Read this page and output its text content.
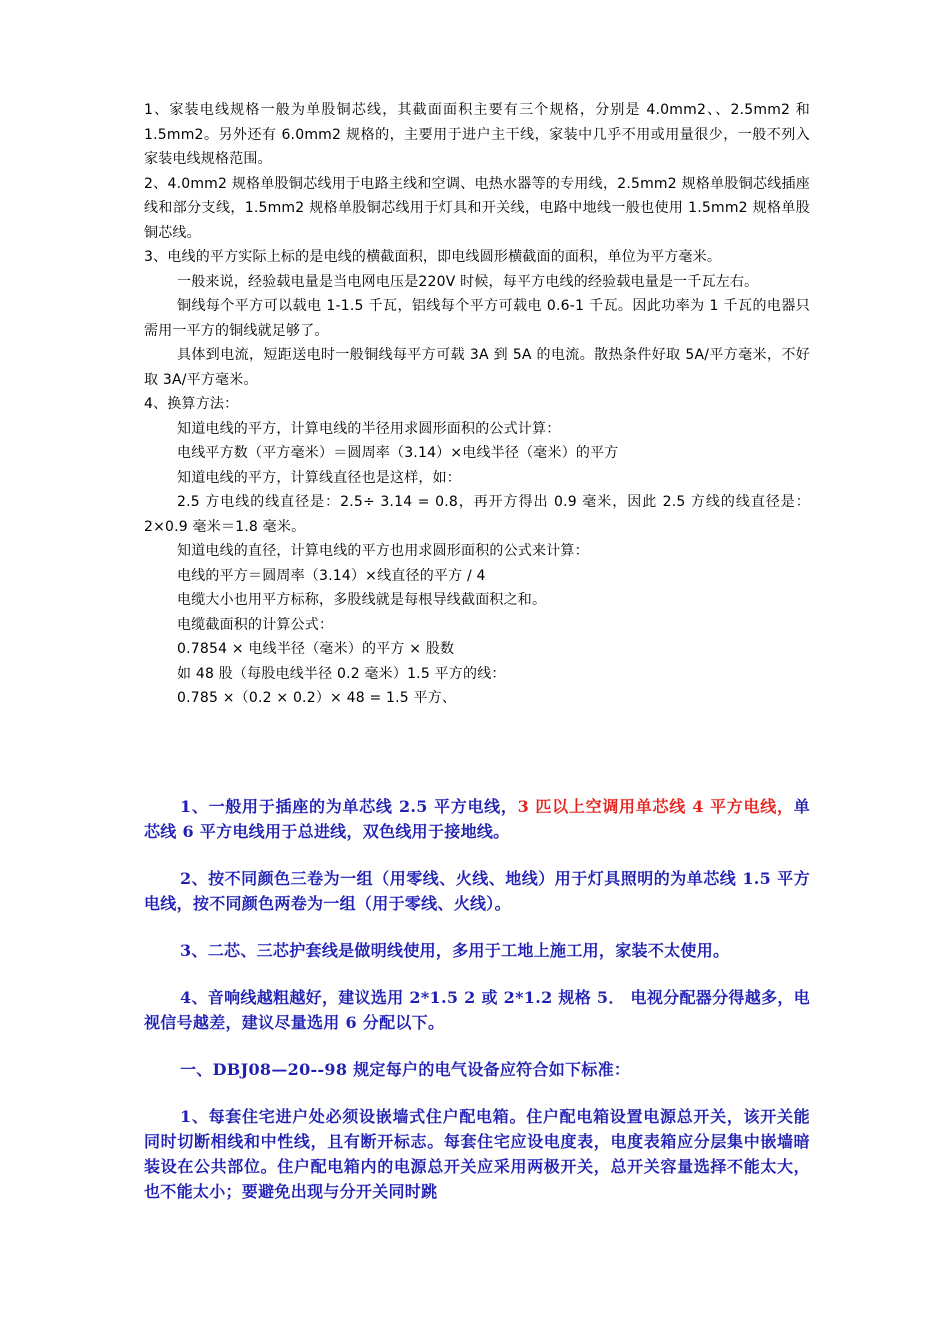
1、家装电线规格一般为单股铜芯线，其截面面积主要有三个规格，分别是 4.0mm2、、2.5mm2 和 1.5mm2。另外还有 6.0mm2 规格的，主要用于进户主干线，家装中几乎不用或用量很少，一般不列入家装电线规格范围。

2、4.0mm2 规格单股铜芯线用于电路主线和空调、电热水器等的专用线，2.5mm2 规格单股铜芯线插座线和部分支线，1.5mm2 规格单股铜芯线用于灯具和开关线，电路中地线一般也使用 1.5mm2 规格单股铜芯线。

3、电线的平方实际上标的是电线的横截面积，即电线圆形横截面的面积，单位为平方毫米。

一般来说，经验载电量是当电网电压是220V 时候，每平方电线的经验载电量是一千瓦左右。

铜线每个平方可以载电 1-1.5 千瓦，铝线每个平方可载电 0.6-1 千瓦。因此功率为 1 千瓦的电器只需用一平方的铜线就足够了。

具体到电流，短距送电时一般铜线每平方可载 3A 到 5A 的电流。散热条件好取 5A/平方毫米，不好取 3A/平方毫米。

4、换算方法：

知道电线的平方，计算电线的半径用求圆形面积的公式计算：

电线平方数（平方毫米）＝圆周率（3.14）×电线半径（毫米）的平方

知道电线的平方，计算线直径也是这样，如：

2.5 方电线的线直径是：2.5÷ 3.14 = 0.8，再开方得出 0.9 毫米，因此 2.5 方线的线直径是：2×0.9 毫米＝1.8 毫米。

知道电线的直径，计算电线的平方也用求圆形面积的公式来计算：

电线的平方＝圆周率（3.14）×线直径的平方 / 4

电缆大小也用平方标称，多股线就是每根导线截面积之和。

电缆截面积的计算公式：

0.7854 × 电线半径（毫米）的平方 × 股数

如 48 股（每股电线半径 0.2 毫米）1.5 平方的线：

0.785 ×（0.2 × 0.2）× 48 = 1.5 平方、

1、一般用于插座的为单芯线 2.5 平方电线，3 匹以上空调用单芯线 4 平方电线，单芯线 6 平方电线用于总进线，双色线用于接地线。

2、按不同颜色三卷为一组（用零线、火线、地线）用于灯具照明的为单芯线 1.5 平方电线，按不同颜色两卷为一组（用于零线、火线）。

3、二芯、三芯护套线是做明线使用，多用于工地上施工用，家装不太使用。

4、音响线越粗越好，建议选用 2*1.5 2 或 2*1.2 规格 5． 电视分配器分得越多，电视信号越差，建议尽量选用 6 分配以下。

一、DBJ08—20--98 规定每户的电气设备应符合如下标准：

1、每套住宅进户处必须设嵌墙式住户配电箱。住户配电箱设置电源总开关，该开关能同时切断相线和中性线，且有断开标志。每套住宅应设电度表，电度表箱应分层集中嵌墙暗装设在公共部位。住户配电箱内的电源总开关应采用两极开关，总开关容量选择不能太大，也不能太小；要避免出现与分开关同时跳
